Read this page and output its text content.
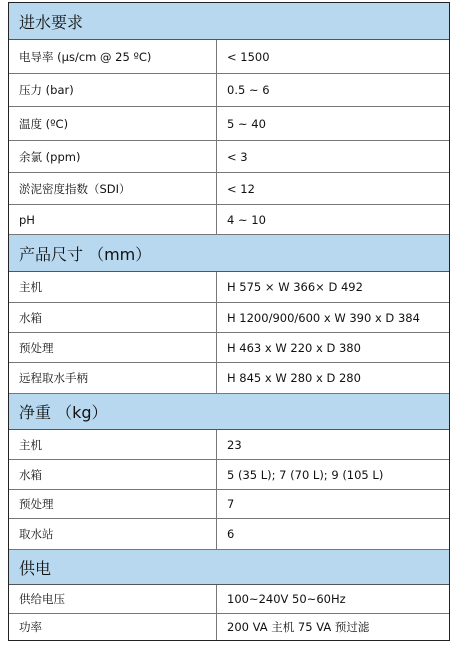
进水要求
电导率 (μs/cm @ 25 ºC)	< 1500
压力 (bar)	0.5 ~ 6
温度 (ºC)	5 ~ 40
余氯 (ppm)	< 3
淤泥密度指数（SDI）	< 12
pH	4 ~ 10
产品尺寸 （mm）
主机	H 575 × W 366× D 492
水箱	H 1200/900/600 x W 390 x D 384
预处理	H 463 x W 220 x D 380
远程取水手柄	H 845 x W 280 x D 280
净重 （kg）
主机	23
水箱	5 (35 L); 7 (70 L); 9 (105 L)
预处理	7
取水站	6
供电
供给电压	100~240V 50~60Hz
功率	200 VA 主机 75 VA 预过滤
